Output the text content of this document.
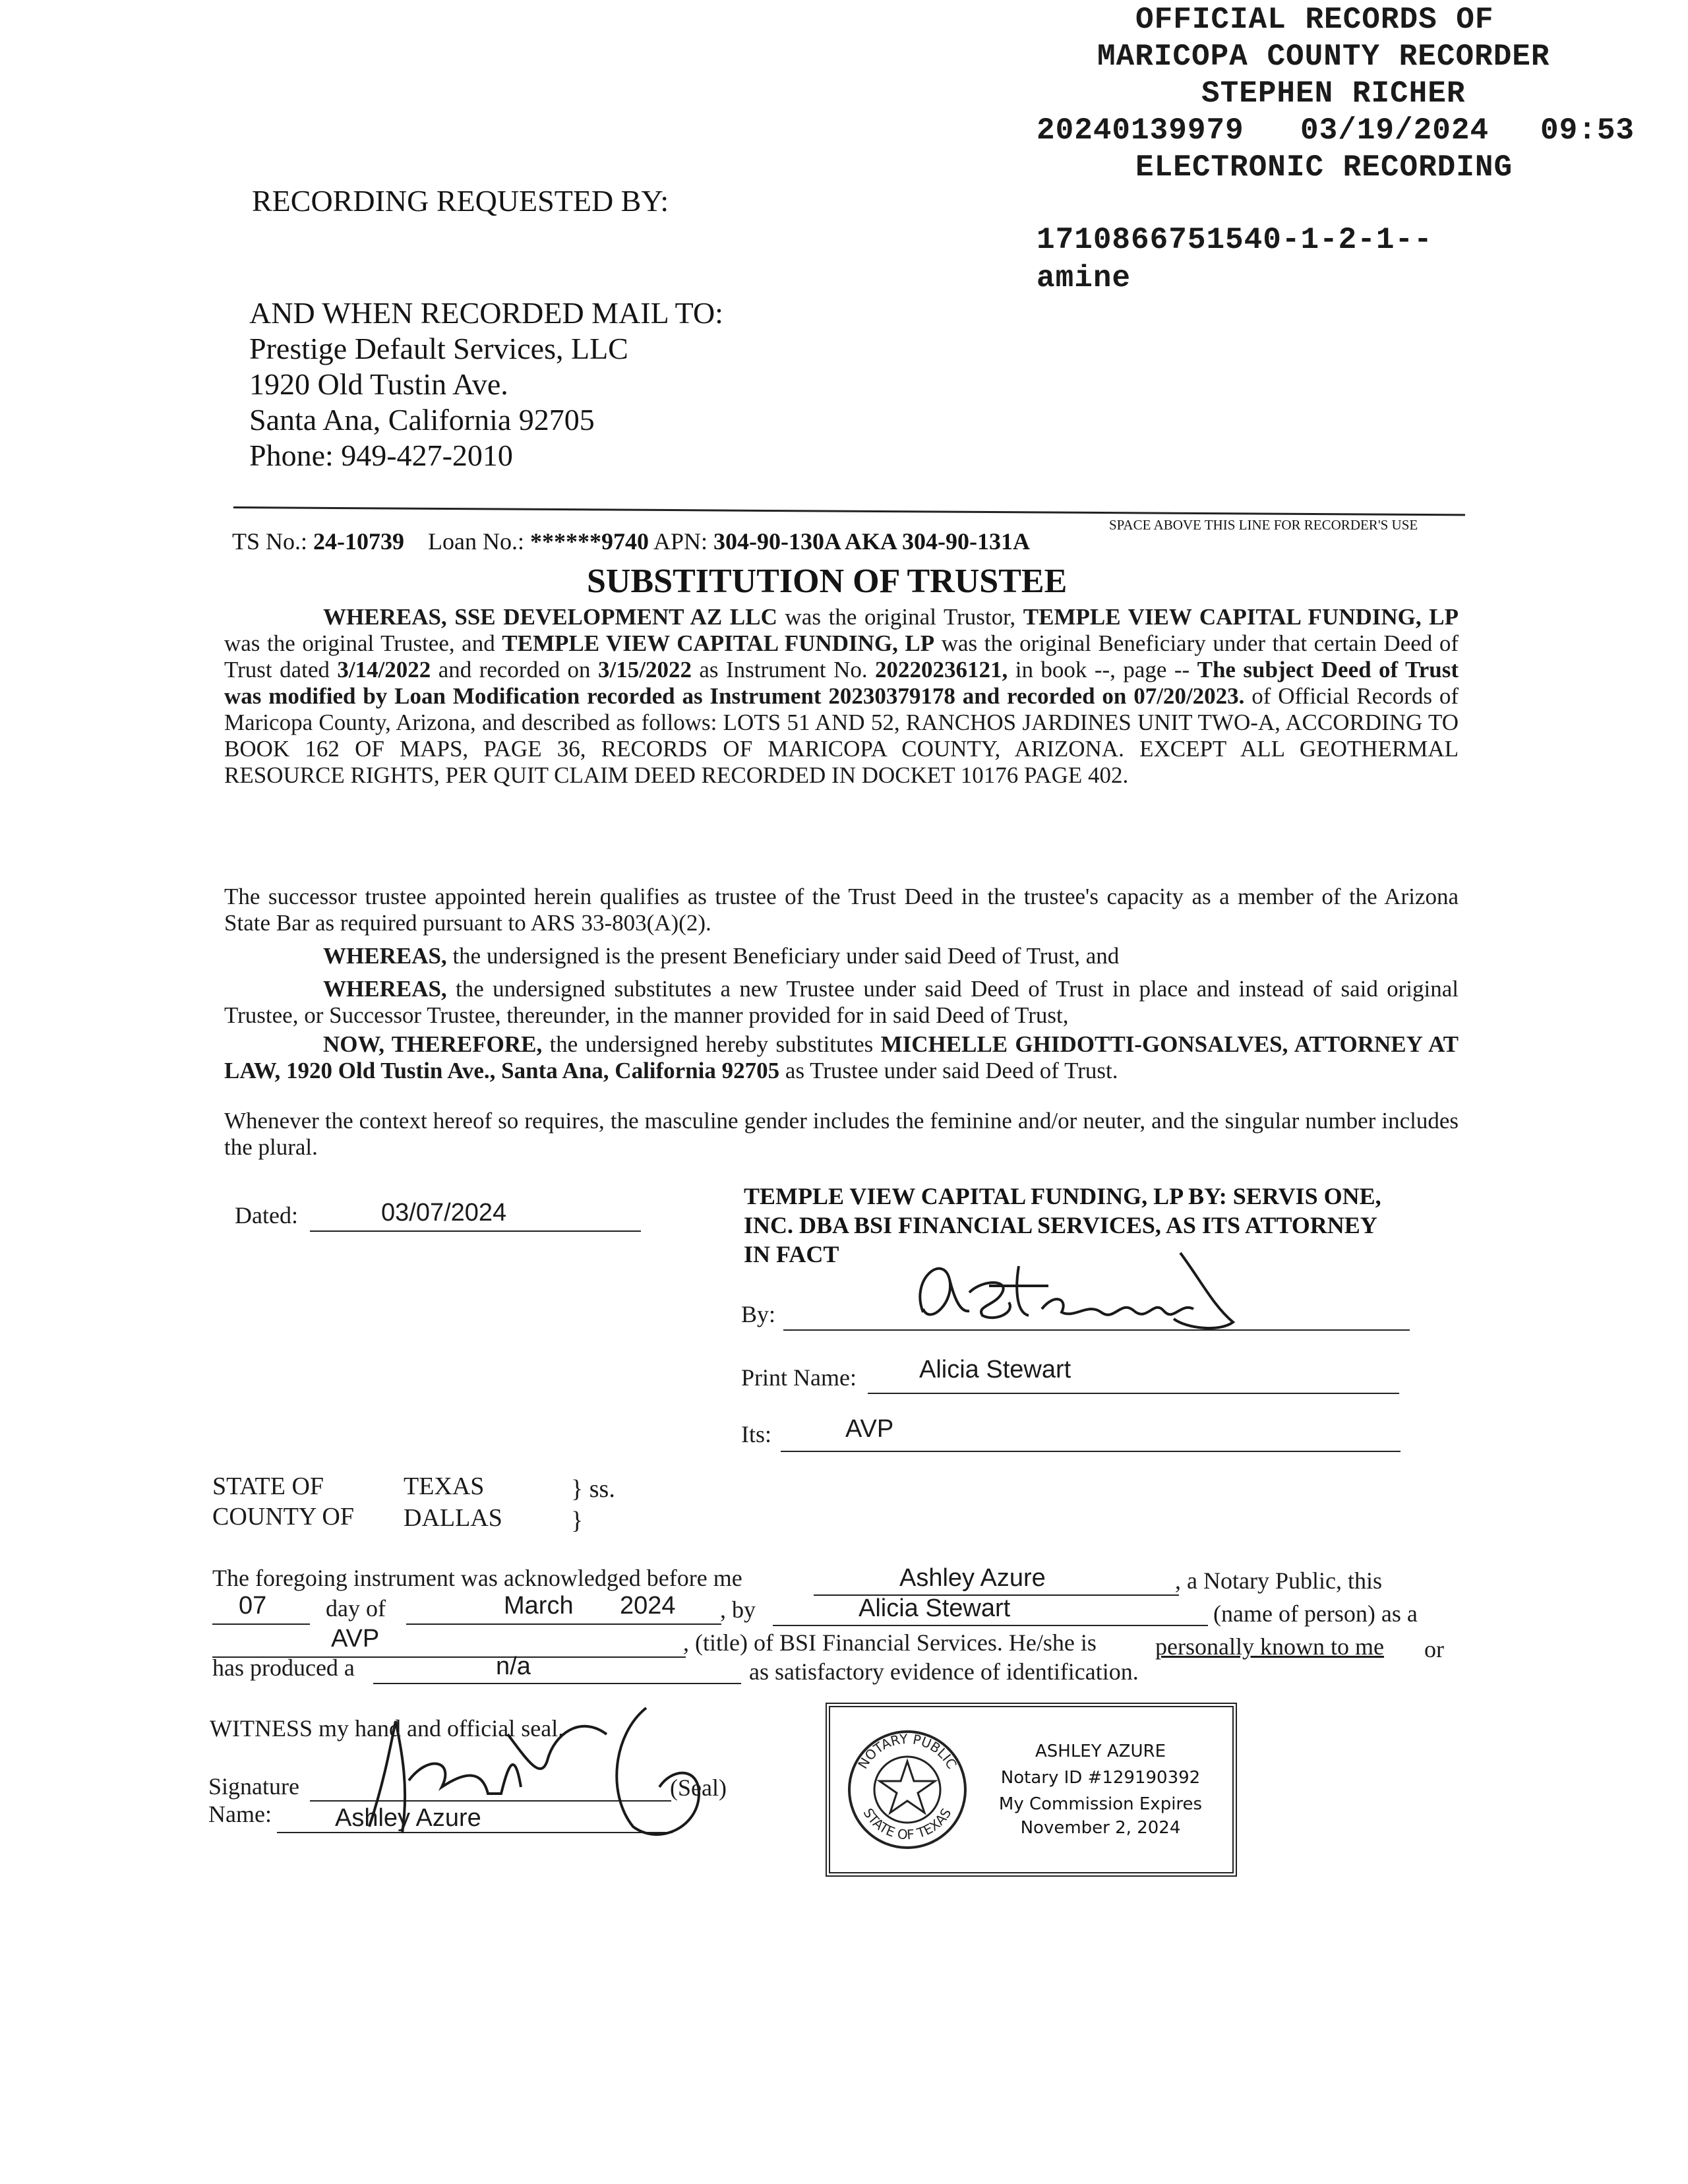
OFFICIAL RECORDS OF
MARICOPA COUNTY RECORDER
STEPHEN RICHER
20240139979 03/19/2024 09:53
ELECTRONIC RECORDING
1710866751540-1-2-1--
amine
RECORDING REQUESTED BY:
AND WHEN RECORDED MAIL TO:
Prestige Default Services, LLC
1920 Old Tustin Ave.
Santa Ana, California 92705
Phone: 949-427-2010
SPACE ABOVE THIS LINE FOR RECORDER'S USE
TS No.: 24-10739 Loan No.: ******9740 APN: 304-90-130A AKA 304-90-131A
SUBSTITUTION OF TRUSTEE

WHEREAS, SSE DEVELOPMENT AZ LLC was the original Trustor, TEMPLE VIEW CAPITAL FUNDING, LP was the original Trustee, and TEMPLE VIEW CAPITAL FUNDING, LP was the original Beneficiary under that certain Deed of Trust dated 3/14/2022 and recorded on 3/15/2022 as Instrument No. 20220236121, in book --, page -- The subject Deed of Trust was modified by Loan Modification recorded as Instrument 20230379178 and recorded on 07/20/2023. of Official Records of Maricopa County, Arizona, and described as follows: LOTS 51 AND 52, RANCHOS JARDINES UNIT TWO-A, ACCORDING TO BOOK 162 OF MAPS, PAGE 36, RECORDS OF MARICOPA COUNTY, ARIZONA. EXCEPT ALL GEOTHERMAL RESOURCE RIGHTS, PER QUIT CLAIM DEED RECORDED IN DOCKET 10176 PAGE 402.

The successor trustee appointed herein qualifies as trustee of the Trust Deed in the trustee's capacity as a member of the Arizona State Bar as required pursuant to ARS 33-803(A)(2).

WHEREAS, the undersigned is the present Beneficiary under said Deed of Trust, and

WHEREAS, the undersigned substitutes a new Trustee under said Deed of Trust in place and instead of said original Trustee, or Successor Trustee, thereunder, in the manner provided for in said Deed of Trust,

NOW, THEREFORE, the undersigned hereby substitutes MICHELLE GHIDOTTI-GONSALVES, ATTORNEY AT LAW, 1920 Old Tustin Ave., Santa Ana, California 92705 as Trustee under said Deed of Trust.

Whenever the context hereof so requires, the masculine gender includes the feminine and/or neuter, and the singular number includes the plural.

Dated:	03/07/2024
TEMPLE VIEW CAPITAL FUNDING, LP BY: SERVIS ONE, INC. DBA BSI FINANCIAL SERVICES, AS ITS ATTORNEY IN FACT
By:
Print Name:	Alicia Stewart
Its:	AVP
STATE OF	TEXAS	} ss.
COUNTY OF DALLAS	}
The foregoing instrument was acknowledged before me	Ashley Azure	, a Notary Public, this
07 day of	March 2024 , by	Alicia Stewart	(name of person) as a
AVP	, (title) of BSI Financial Services. He/she is personally known to me or
has produced a	n/a	as satisfactory evidence of identification.
WITNESS my hand and official seal.
Signature	(Seal)
Name:	Ashley Azure
NOTARY PUBLIC
STATE OF TEXAS
ASHLEY AZURE
Notary ID #129190392
My Commission Expires
November 2, 2024
